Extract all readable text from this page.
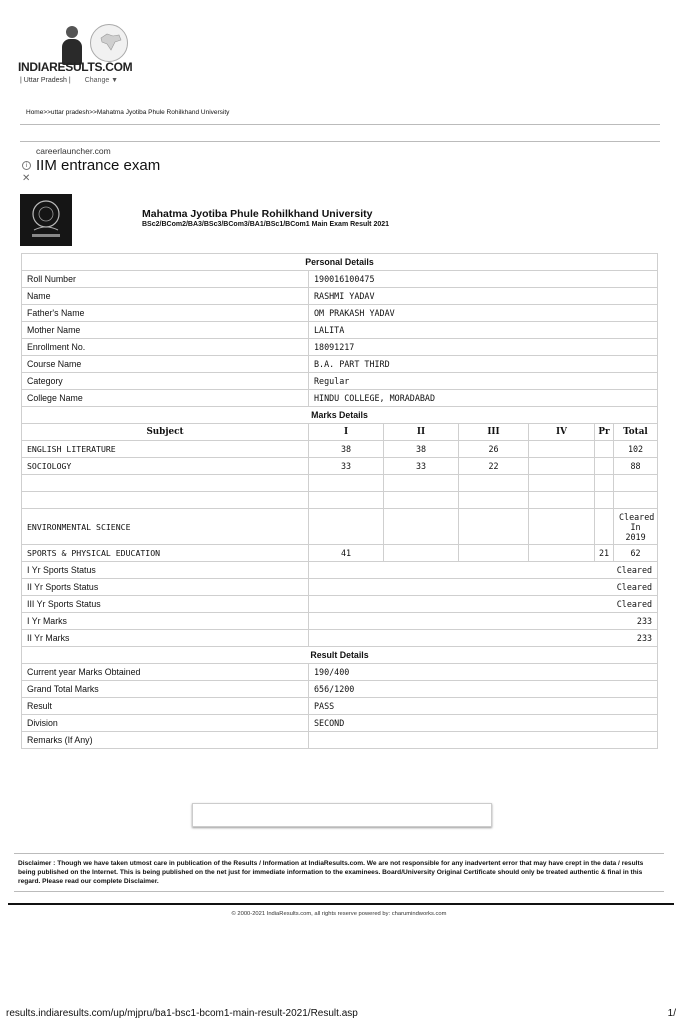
INDIARESULTS.COM
| Uttar Pradesh | Change ▼
Home>>uttar pradesh>>Mahatma Jyotiba Phule Rohilkhand University
careerlauncher.com
i IIM entrance exam
✕
Mahatma Jyotiba Phule Rohilkhand University
BSc2/BCom2/BA3/BSc3/BCom3/BA1/BSc1/BCom1 Main Exam Result 2021
Personal Details						
Roll Number	190016100475					
Name	RASHMI YADAV					
Father's Name	OM PRAKASH YADAV					
Mother Name	LALITA					
Enrollment No.	18091217					
Course Name	B.A. PART THIRD					
Category	Regular					
College Name	HINDU COLLEGE, MORADABAD					
Marks Details						
Subject	I	II	III	IV	Pr	Total
ENGLISH LITERATURE	38	38	26			102
SOCIOLOGY	33	33	22			88

ENVIRONMENTAL SCIENCE						Cleared In 2019
SPORTS & PHYSICAL EDUCATION	41				21	62
I Yr Sports Status	Cleared					
II Yr Sports Status	Cleared					
III Yr Sports Status	Cleared					
I Yr Marks	233					
II Yr Marks	233					
Result Details						
Current year Marks Obtained	190/400					
Grand Total Marks	656/1200					
Result	PASS					
Division	SECOND					
Remarks (If Any)						
Disclaimer : Though we have taken utmost care in publication of the Results / Information at IndiaResults.com. We are not responsible for any inadvertent error that may have crept in the data / results being published on the Internet. This is being published on the net just for immediate information to the examinees. Board/University Original Certificate should only be treated authentic & final in this regard. Please read our complete Disclaimer.
© 2000-2021 IndiaResults.com, all rights reserve powered by: charumindworks.com
results.indiaresults.com/up/mjpru/ba1-bsc1-bcom1-main-result-2021/Result.asp	1/
